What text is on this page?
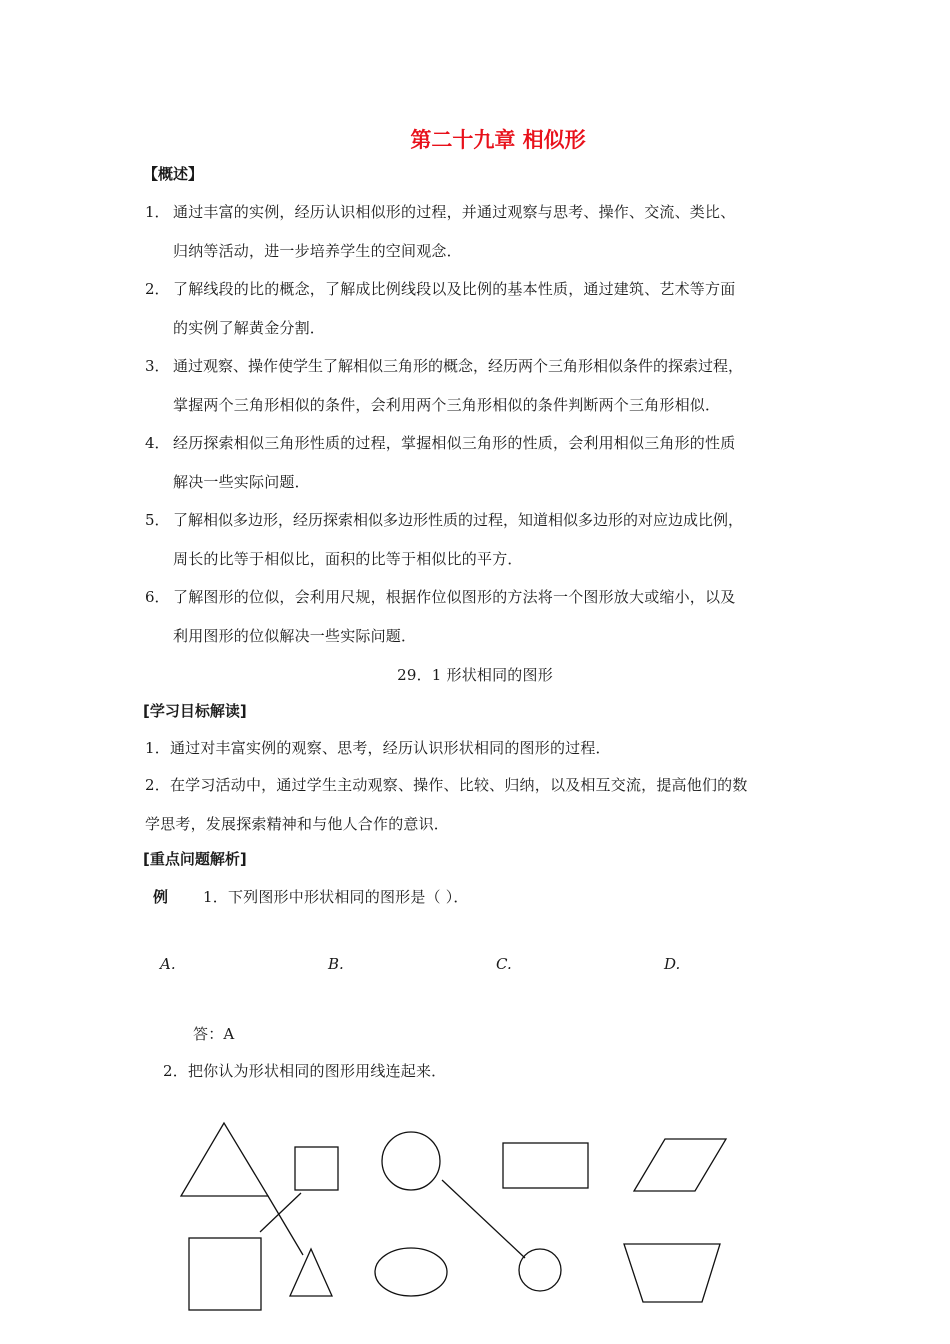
第二十九章 相似形
【概述】
1． 通过丰富的实例，经历认识相似形的过程，并通过观察与思考、操作、交流、类比、
归纳等活动，进一步培养学生的空间观念．
2． 了解线段的比的概念，了解成比例线段以及比例的基本性质，通过建筑、艺术等方面
的实例了解黄金分割．
3． 通过观察、操作使学生了解相似三角形的概念，经历两个三角形相似条件的探索过程，
掌握两个三角形相似的条件，会利用两个三角形相似的条件判断两个三角形相似．
4． 经历探索相似三角形性质的过程，掌握相似三角形的性质，会利用相似三角形的性质
解决一些实际问题．
5． 了解相似多边形，经历探索相似多边形性质的过程，知道相似多边形的对应边成比例，
周长的比等于相似比，面积的比等于相似比的平方．
6． 了解图形的位似，会利用尺规，根据作位似图形的方法将一个图形放大或缩小，以及
利用图形的位似解决一些实际问题．
29．1 形状相同的图形
[学习目标解读]
1．通过对丰富实例的观察、思考，经历认识形状相同的图形的过程．
2．在学习活动中，通过学生主动观察、操作、比较、归纳，以及相互交流，提高他们的数
学思考，发展探索精神和与他人合作的意识．
[重点问题解析]
例 1．下列图形中形状相同的图形是（ ）．
A.	B.	C.	D.
答：A
2．把你认为形状相同的图形用线连起来．
